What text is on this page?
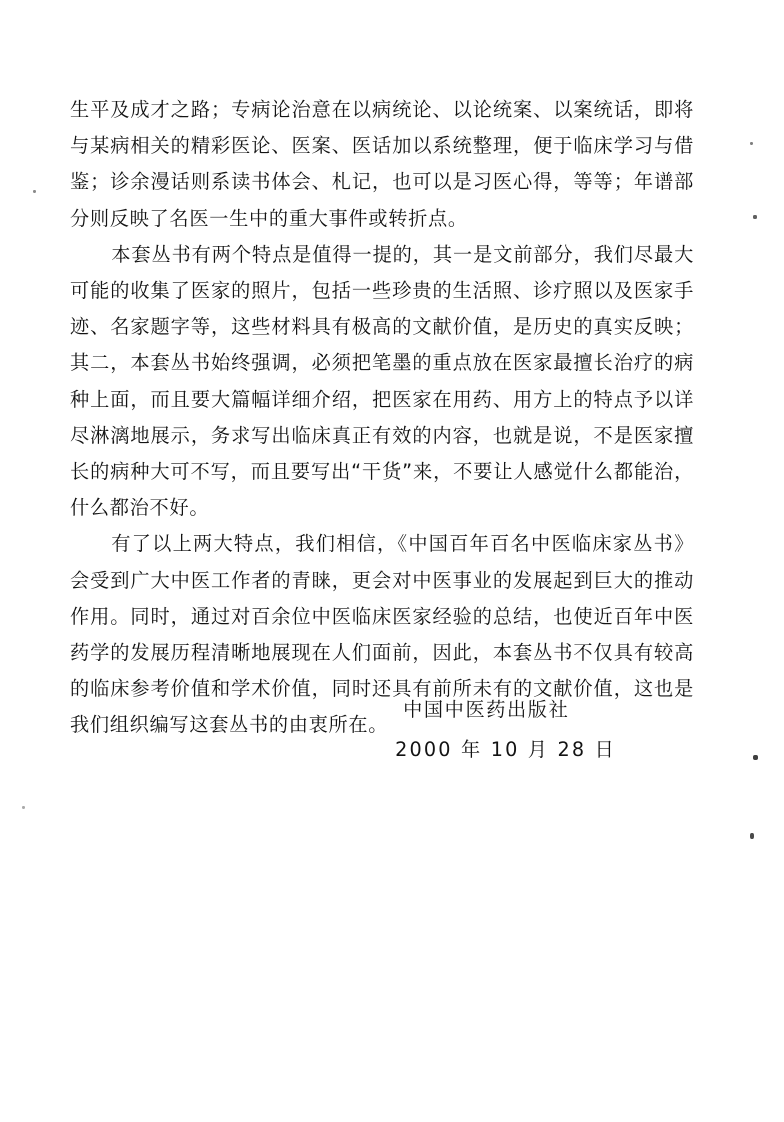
生平及成才之路；专病论治意在以病统论、以论统案、以案统话，即将与某病相关的精彩医论、医案、医话加以系统整理，便于临床学习与借鉴；诊余漫话则系读书体会、札记，也可以是习医心得，等等；年谱部分则反映了名医一生中的重大事件或转折点。

本套丛书有两个特点是值得一提的，其一是文前部分，我们尽最大可能的收集了医家的照片，包括一些珍贵的生活照、诊疗照以及医家手迹、名家题字等，这些材料具有极高的文献价值，是历史的真实反映；其二，本套丛书始终强调，必须把笔墨的重点放在医家最擅长治疗的病种上面，而且要大篇幅详细介绍，把医家在用药、用方上的特点予以详尽淋漓地展示，务求写出临床真正有效的内容，也就是说，不是医家擅长的病种大可不写，而且要写出“干货”来，不要让人感觉什么都能治，什么都治不好。

有了以上两大特点，我们相信，《中国百年百名中医临床家丛书》会受到广大中医工作者的青睐，更会对中医事业的发展起到巨大的推动作用。同时，通过对百余位中医临床医家经验的总结，也使近百年中医药学的发展历程清晰地展现在人们面前，因此，本套丛书不仅具有较高的临床参考价值和学术价值，同时还具有前所未有的文献价值，这也是我们组织编写这套丛书的由衷所在。

中国中医药出版社
2000 年 10 月 28 日
